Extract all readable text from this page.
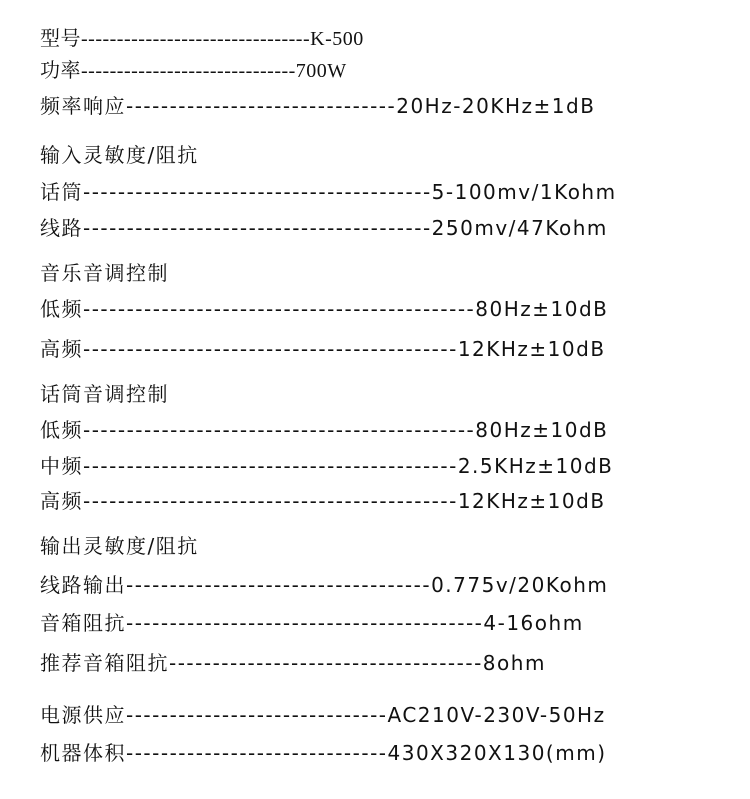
型号--------------------------------K-500
功率------------------------------700W
频率响应-------------------------------20Hz-20KHz±1dB
输入灵敏度/阻抗
话筒----------------------------------------5-100mv/1Kohm
线路----------------------------------------250mv/47Kohm
音乐音调控制
低频---------------------------------------------80Hz±10dB
高频-------------------------------------------12KHz±10dB
话筒音调控制
低频---------------------------------------------80Hz±10dB
中频-------------------------------------------2.5KHz±10dB
高频-------------------------------------------12KHz±10dB
输出灵敏度/阻抗
线路输出-----------------------------------0.775v/20Kohm
音箱阻抗-----------------------------------------4-16ohm
推荐音箱阻抗------------------------------------8ohm
电源供应------------------------------AC210V-230V-50Hz
机器体积------------------------------430X320X130(mm)
